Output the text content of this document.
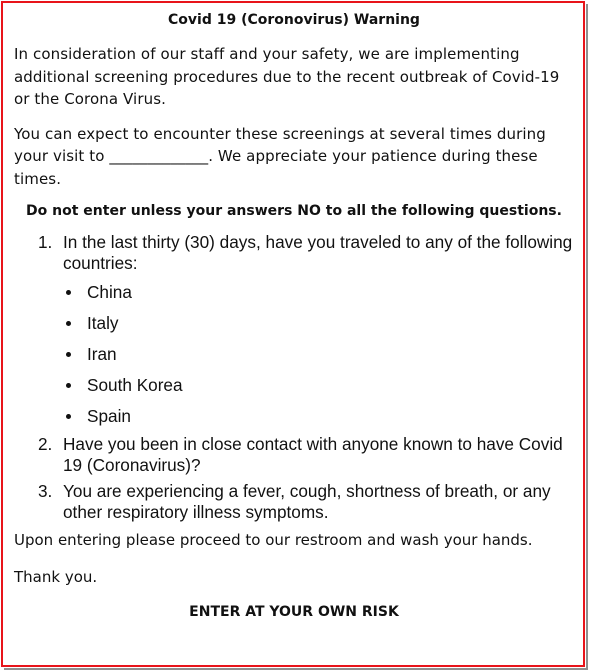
Covid 19 (Coronovirus) Warning
In consideration of our staff and your safety, we are implementing additional screening procedures due to the recent outbreak of Covid-19 or the Corona Virus.
You can expect to encounter these screenings at several times during your visit to _____________. We appreciate your patience during these times.
Do not enter unless your answers NO to all the following questions.
1. In the last thirty (30) days, have you traveled to any of the following countries:
China
Italy
Iran
South Korea
Spain
2. Have you been in close contact with anyone known to have Covid 19 (Coronavirus)?
3. You are experiencing a fever, cough, shortness of breath, or any other respiratory illness symptoms.
Upon entering please proceed to our restroom and wash your hands.
Thank you.
ENTER AT YOUR OWN RISK
